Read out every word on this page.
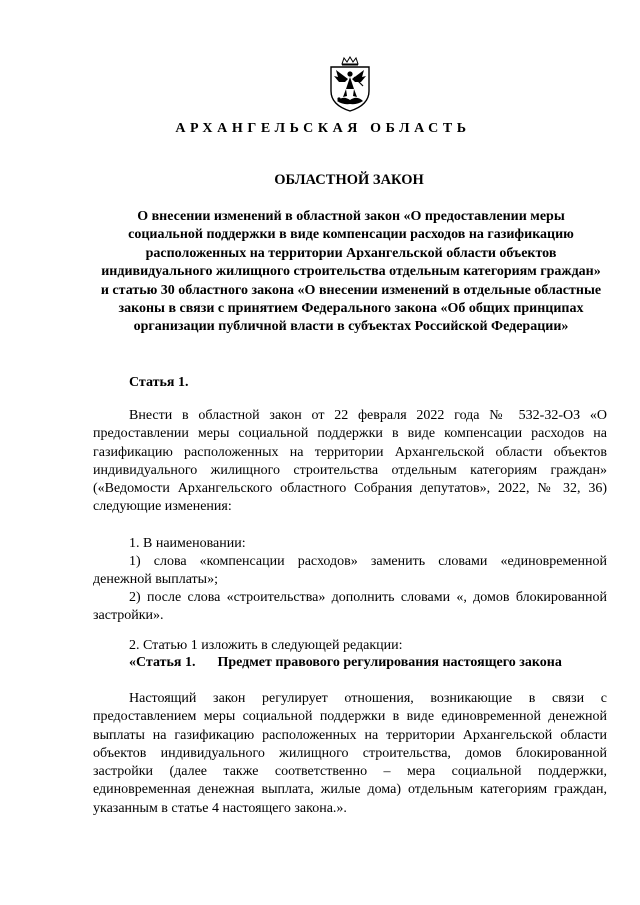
АРХАНГЕЛЬСКАЯ ОБЛАСТЬ
ОБЛАСТНОЙ ЗАКОН

О внесении изменений в областной закон «О предоставлении меры социальной поддержки в виде компенсации расходов на газификацию расположенных на территории Архангельской области объектов индивидуального жилищного строительства отдельным категориям граждан» и статью 30 областного закона «О внесении изменений в отдельные областные законы в связи с принятием Федерального закона «Об общих принципах организации публичной власти в субъектах Российской Федерации»

Статья 1.

Внести в областной закон от 22 февраля 2022 года № 532-32-ОЗ «О предоставлении меры социальной поддержки в виде компенсации расходов на газификацию расположенных на территории Архангельской области объектов индивидуального жилищного строительства отдельным категориям граждан» («Ведомости Архангельского областного Собрания депутатов», 2022, № 32, 36) следующие изменения:

1. В наименовании:

1) слова «компенсации расходов» заменить словами «единовременной денежной выплаты»;

2) после слова «строительства» дополнить словами «, домов блокированной застройки».

2. Статью 1 изложить в следующей редакции:

«Статья 1. Предмет правового регулирования настоящего закона

Настоящий закон регулирует отношения, возникающие в связи с предоставлением меры социальной поддержки в виде единовременной денежной выплаты на газификацию расположенных на территории Архангельской области объектов индивидуального жилищного строительства, домов блокированной застройки (далее также соответственно – мера социальной поддержки, единовременная денежная выплата, жилые дома) отдельным категориям граждан, указанным в статье 4 настоящего закона.».
